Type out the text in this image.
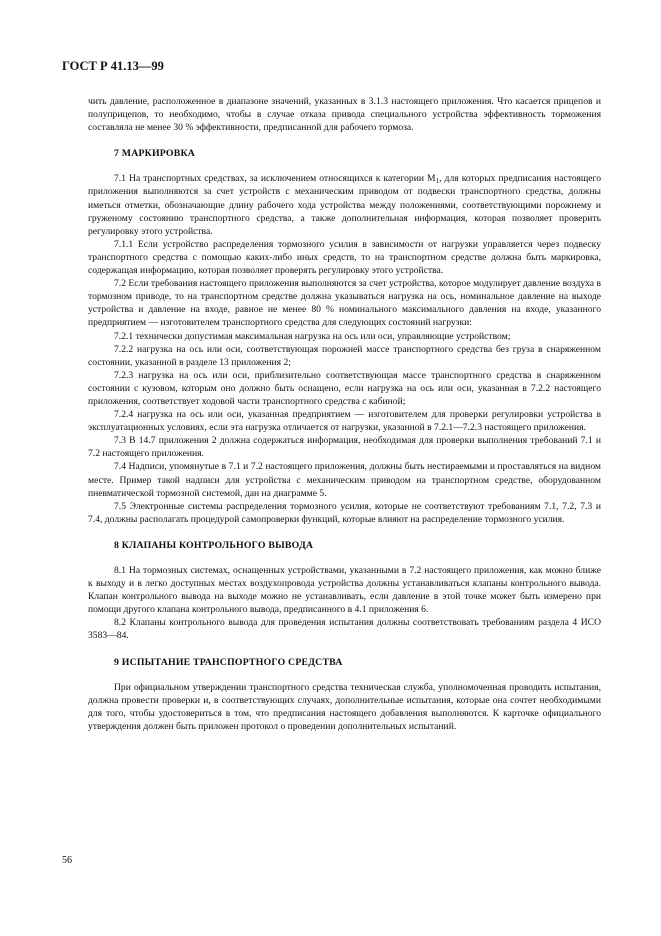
ГОСТ Р 41.13—99

чить давление, расположенное в диапазоне значений, указанных в 3.1.3 настоящего приложения. Что касается прицепов и полуприцепов, то необходимо, чтобы в случае отказа привода специального устройства эффективность торможения составляла не менее 30 % эффективности, предписанной для рабочего тормоза.

7 МАРКИРОВКА

7.1 На транспортных средствах, за исключением относящихся к категории $M_1$, для которых предписания настоящего приложения выполняются за счет устройств с механическим приводом от подвески транспортного средства, должны иметься отметки, обозначающие длину рабочего хода устройства между положениями, соответствующими порожнему и груженому состоянию транспортного средства, а также дополнительная информация, которая позволяет проверить регулировку этого устройства.

7.1.1 Если устройство распределения тормозного усилия в зависимости от нагрузки управляется через подвеску транспортного средства с помощью каких-либо иных средств, то на транспортном средстве должна быть маркировка, содержащая информацию, которая позволяет проверять регулировку этого устройства.

7.2 Если требования настоящего приложения выполняются за счет устройства, которое модулирует давление воздуха в тормозном приводе, то на транспортном средстве должна указываться нагрузка на ось, номинальное давление на выходе устройства и давление на входе, равное не менее 80 % номинального максимального давления на входе, указанного предприятием — изготовителем транспортного средства для следующих состояний нагрузки:

7.2.1 технически допустимая максимальная нагрузка на ось или оси, управляющие устройством;

7.2.2 нагрузка на ось или оси, соответствующая порожней массе транспортного средства без груза в снаряженном состоянии, указанной в разделе 13 приложения 2;

7.2.3 нагрузка на ось или оси, приблизительно соответствующая массе транспортного средства в снаряженном состоянии с кузовом, которым оно должно быть оснащено, если нагрузка на ось или оси, указанная в 7.2.2 настоящего приложения, соответствует ходовой части транспортного средства с кабиной;

7.2.4 нагрузка на ось или оси, указанная предприятием — изготовителем для проверки регулировки устройства в эксплуатационных условиях, если эта нагрузка отличается от нагрузки, указанной в 7.2.1—7.2.3 настоящего приложения.

7.3 В 14.7 приложения 2 должна содержаться информация, необходимая для проверки выполнения требований 7.1 и 7.2 настоящего приложения.

7.4 Надписи, упомянутые в 7.1 и 7.2 настоящего приложения, должны быть нестираемыми и проставляться на видном месте. Пример такой надписи для устройства с механическим приводом на транспортном средстве, оборудованном пневматической тормозной системой, дан на диаграмме 5.

7.5 Электронные системы распределения тормозного усилия, которые не соответствуют требованиям 7.1, 7.2, 7.3 и 7.4, должны располагать процедурой самопроверки функций, которые влияют на распределение тормозного усилия.

8 КЛАПАНЫ КОНТРОЛЬНОГО ВЫВОДА

8.1 На тормозных системах, оснащенных устройствами, указанными в 7.2 настоящего приложения, как можно ближе к выходу и в легко доступных местах воздухопровода устройства должны устанавливаться клапаны контрольного вывода. Клапан контрольного вывода на выходе можно не устанавливать, если давление в этой точке может быть измерено при помощи другого клапана контрольного вывода, предписанного в 4.1 приложения 6.

8.2 Клапаны контрольного вывода для проведения испытания должны соответствовать требованиям раздела 4 ИСО 3583—84.

9 ИСПЫТАНИЕ ТРАНСПОРТНОГО СРЕДСТВА

При официальном утверждении транспортного средства техническая служба, уполномоченная проводить испытания, должна провести проверки и, в соответствующих случаях, дополнительные испытания, которые она сочтет необходимыми для того, чтобы удостовериться в том, что предписания настоящего добавления выполняются. К карточке официального утверждения должен быть приложен протокол о проведении дополнительных испытаний.

56
